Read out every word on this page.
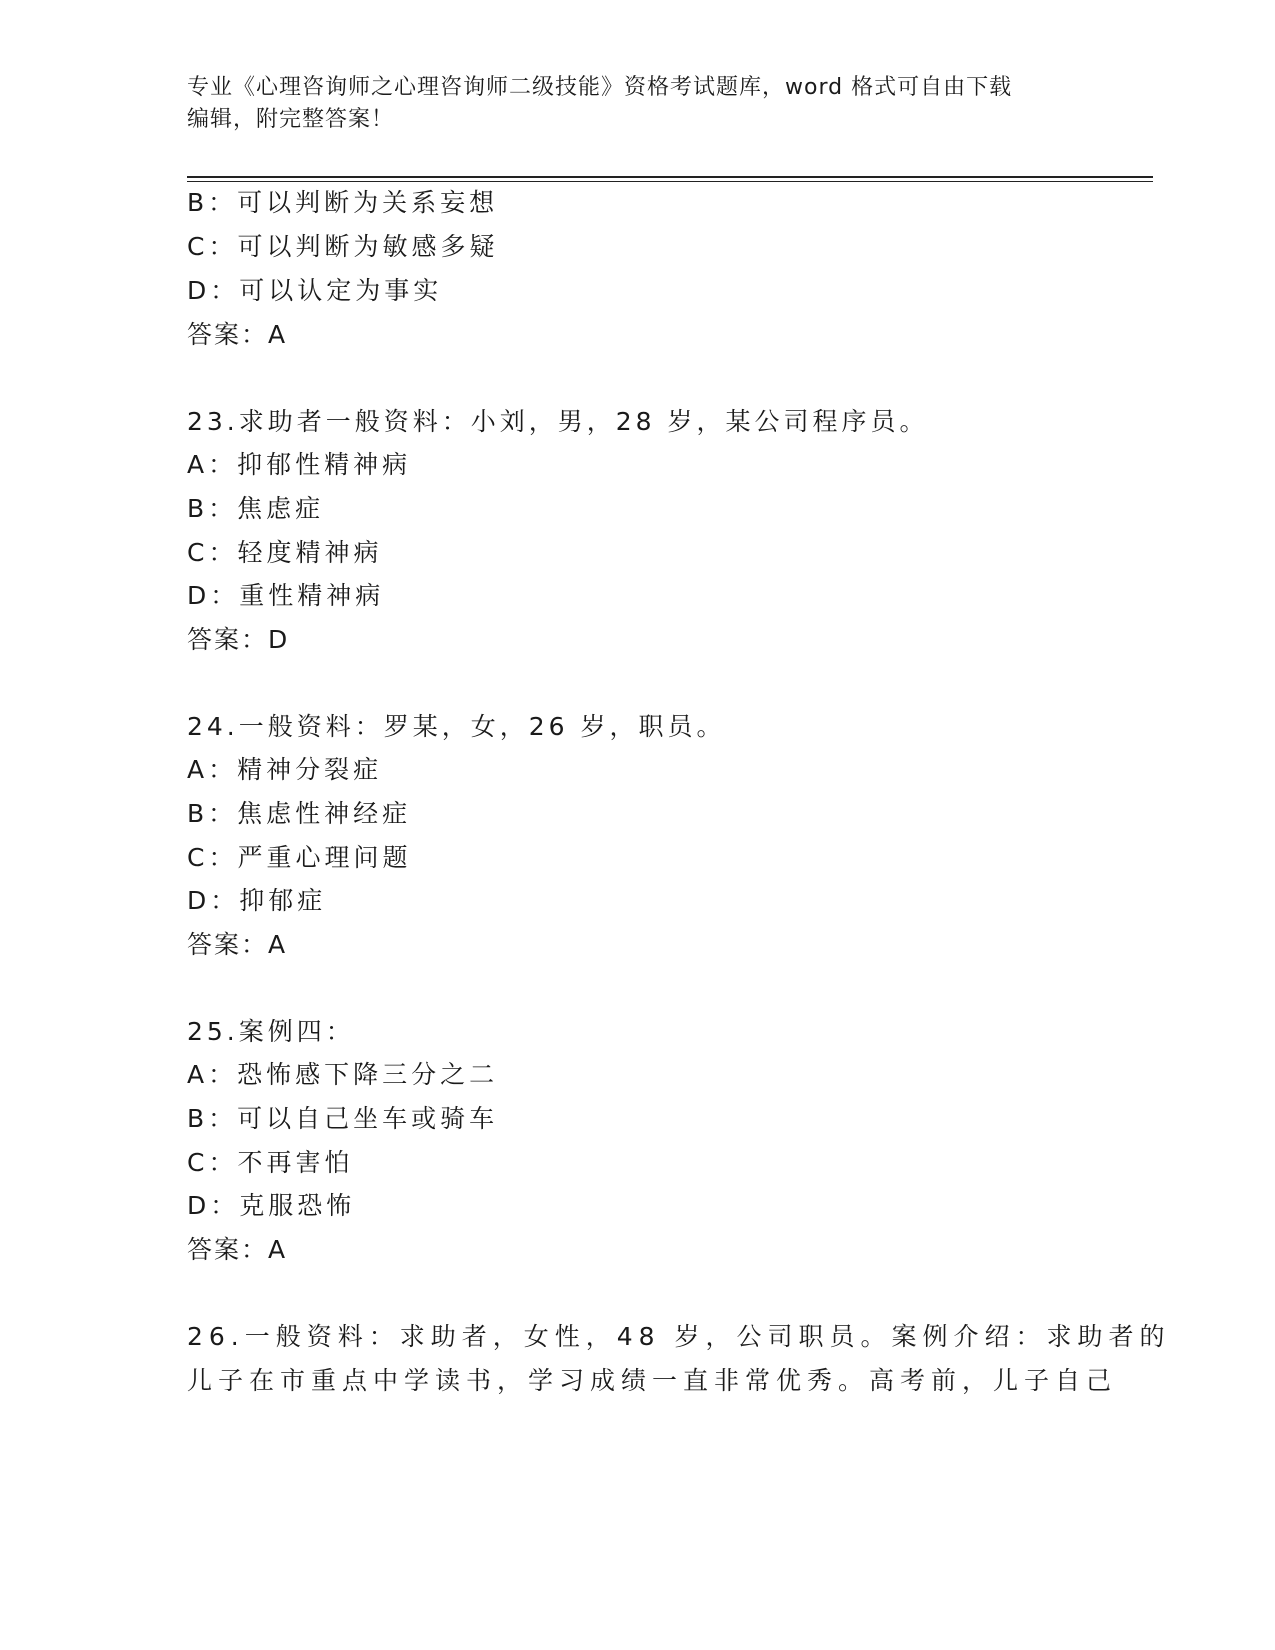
专业《心理咨询师之心理咨询师二级技能》资格考试题库，word 格式可自由下载
编辑，附完整答案！
B：可以判断为关系妄想
C：可以判断为敏感多疑
D：可以认定为事实
答案：A
23.求助者一般资料：小刘，男，28 岁，某公司程序员。
A：抑郁性精神病
B：焦虑症
C：轻度精神病
D：重性精神病
答案：D
24.一般资料：罗某，女，26 岁，职员。
A：精神分裂症
B：焦虑性神经症
C：严重心理问题
D：抑郁症
答案：A
25.案例四：
A：恐怖感下降三分之二
B：可以自己坐车或骑车
C：不再害怕
D：克服恐怖
答案：A
26.一般资料：求助者，女性，48 岁，公司职员。案例介绍：求助者的
儿子在市重点中学读书，学习成绩一直非常优秀。高考前，儿子自己
